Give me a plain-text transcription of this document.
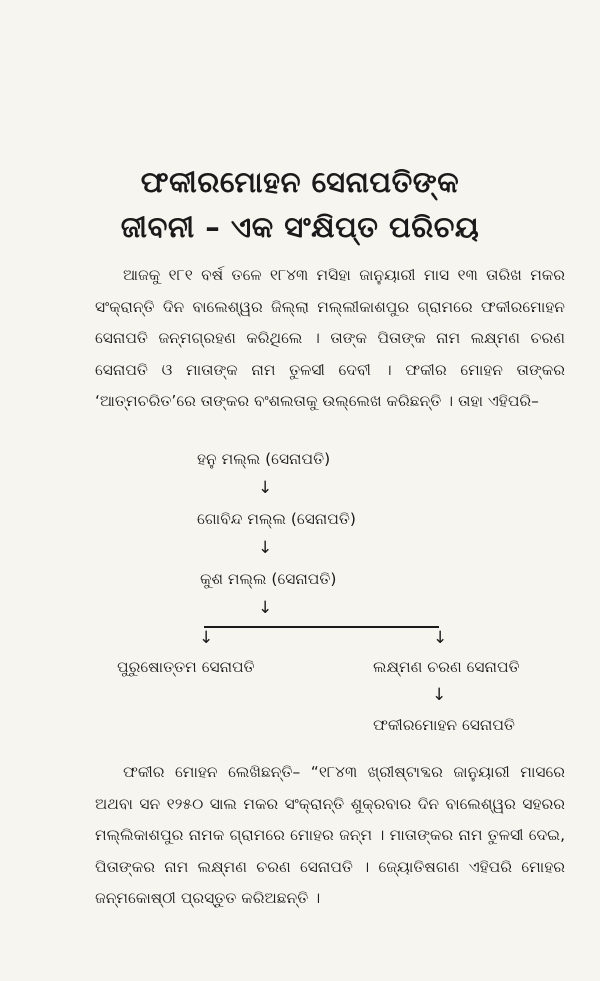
ଫକୀରମୋହନ ସେନାପତିଙ୍କ
ଜୀବନୀ – ଏକ ସଂକ୍ଷିପ୍ତ ପରିଚୟ
ଆଜକୁ ୧୮୧ ବର୍ଷ ତଳେ ୧୮୪୩ ମସିହା ଜାନୁୟାରୀ ମାସ ୧୩ ତାରିଖ ମକର ସଂକ୍ରାନ୍ତି ଦିନ ବାଲେଶ୍ୱର ଜିଲ୍ଲା ମଲ୍ଲୀକାଶପୁର ଗ୍ରାମରେ ଫକୀରମୋହନ ସେନାପତି ଜନ୍ମଗ୍ରହଣ କରିଥିଲେ । ତାଙ୍କ ପିତାଙ୍କ ନାମ ଲକ୍ଷ୍ମଣ ଚରଣ ସେନାପତି ଓ ମାତାଙ୍କ ନାମ ତୁଳସୀ ଦେବୀ । ଫକୀର ମୋହନ ତାଙ୍କର ‘ଆତ୍ମଚରିତ’ରେ ତାଙ୍କର ବଂଶଲତାକୁ ଉଲ୍ଲେଖ କରିଛନ୍ତି । ତାହା ଏହିପରି–
ହନୁ ମଲ୍ଲ (ସେନାପତି)
↓
ଗୋବିନ୍ଦ ମଲ୍ଲ (ସେନାପତି)
↓
କୁଶ ମଲ୍ଲ (ସେନାପତି)
↓
↓	↓
ପୁରୁଷୋତ୍ତମ ସେନାପତି	ଲକ୍ଷ୍ମଣ ଚରଣ ସେନାପତି
↓
ଫକୀରମୋହନ ସେନାପତି
ଫକୀର ମୋହନ ଲେଖିଛନ୍ତି– “୧୮୪୩ ଖ୍ରୀଷ୍ଟାବ୍ଦର ଜାନୁୟାରୀ ମାସରେ ଅଥବା ସନ ୧୨୫୦ ସାଲ ମକର ସଂକ୍ରାନ୍ତି ଶୁକ୍ରବାର ଦିନ ବାଲେଶ୍ୱର ସହରର ମଲ୍ଲିକାଶପୁର ନାମକ ଗ୍ରାମରେ ମୋହର ଜନ୍ମ । ମାତାଙ୍କର ନାମ ତୁଳସୀ ଦେଇ, ପିତାଙ୍କର ନାମ ଲକ୍ଷ୍ମଣ ଚରଣ ସେନାପତି । ଜ୍ୟୋତିଷଗଣ ଏହିପରି ମୋହର ଜନ୍ମକୋଷ୍ଠୀ ପ୍ରସ୍ତୁତ କରିଅଛନ୍ତି ।
